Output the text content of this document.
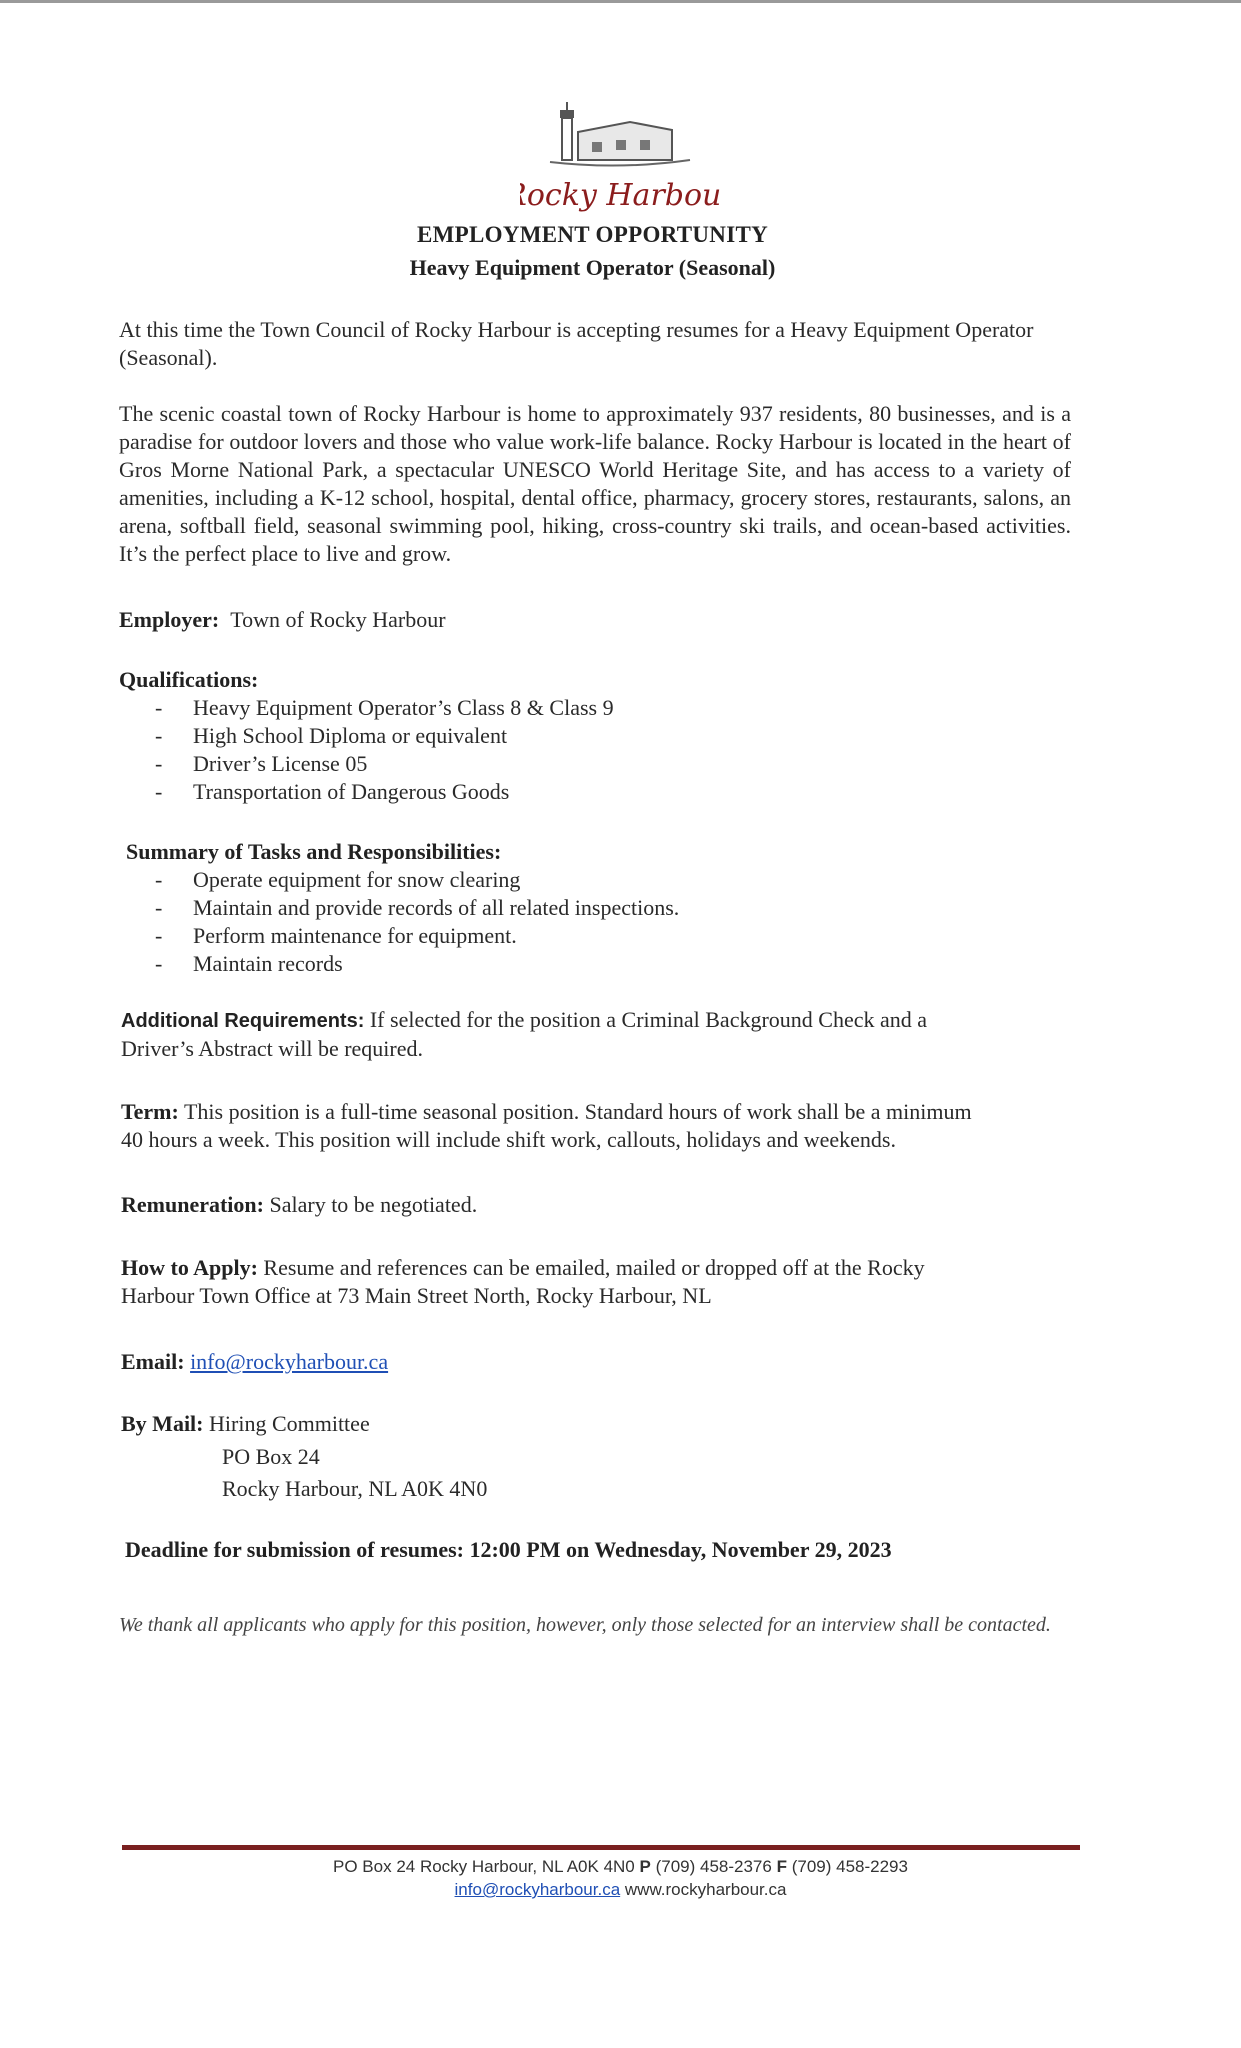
ocky Harbou
EMPLOYMENT OPPORTUNITY
Heavy Equipment Operator (Seasonal)
At this time the Town Council of Rocky Harbour is accepting resumes for a Heavy Equipment Operator (Seasonal).
The scenic coastal town of Rocky Harbour is home to approximately 937 residents, 80 businesses, and is a paradise for outdoor lovers and those who value work-life balance. Rocky Harbour is located in the heart of Gros Morne National Park, a spectacular UNESCO World Heritage Site, and has access to a variety of amenities, including a K-12 school, hospital, dental office, pharmacy, grocery stores, restaurants, salons, an arena, softball field, seasonal swimming pool, hiking, cross-country ski trails, and ocean-based activities. It’s the perfect place to live and grow.
Employer: Town of Rocky Harbour
Qualifications:
- Heavy Equipment Operator’s Class 8 & Class 9
- High School Diploma or equivalent
- Driver’s License 05
- Transportation of Dangerous Goods
Summary of Tasks and Responsibilities:
- Operate equipment for snow clearing
- Maintain and provide records of all related inspections.
- Perform maintenance for equipment.
- Maintain records
Additional Requirements: If selected for the position a Criminal Background Check and a
Driver’s Abstract will be required.
Term: This position is a full-time seasonal position. Standard hours of work shall be a minimum
40 hours a week. This position will include shift work, callouts, holidays and weekends.
Remuneration: Salary to be negotiated.
How to Apply: Resume and references can be emailed, mailed or dropped off at the Rocky
Harbour Town Office at 73 Main Street North, Rocky Harbour, NL
Email: info@rockyharbour.ca
By Mail: Hiring Committee
PO Box 24
Rocky Harbour, NL A0K 4N0
Deadline for submission of resumes: 12:00 PM on Wednesday, November 29, 2023
We thank all applicants who apply for this position, however, only those selected for an interview shall be contacted.
PO Box 24 Rocky Harbour, NL A0K 4N0 P (709) 458-2376 F (709) 458-2293
info@rockyharbour.ca www.rockyharbour.ca
